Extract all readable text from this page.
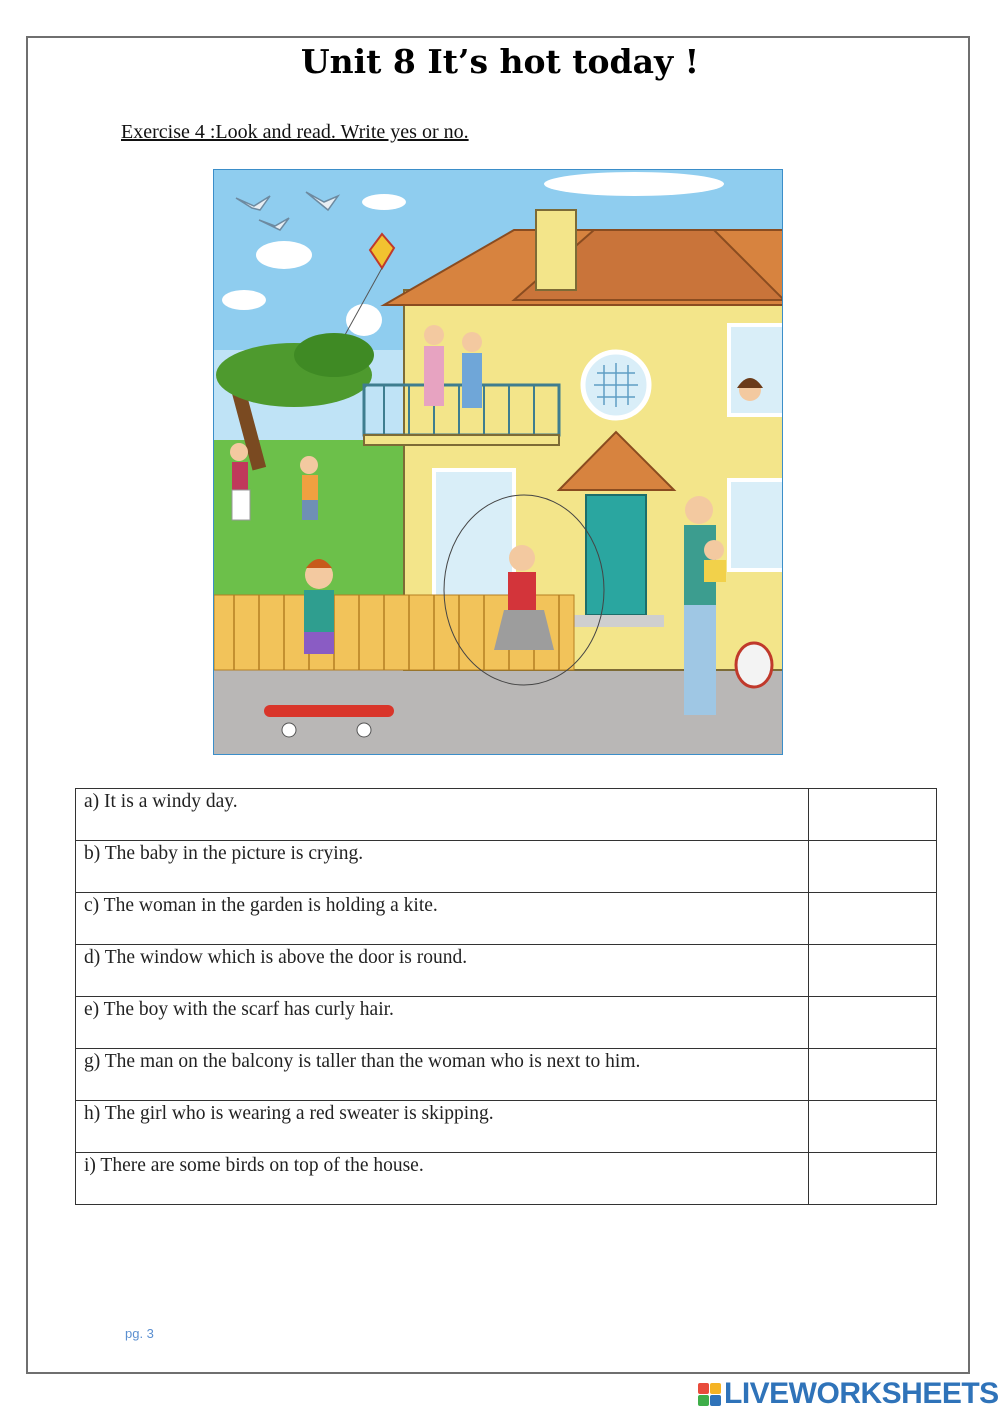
Unit 8 It’s hot today !
Exercise 4 :Look and read. Write yes or no.
a) It is a windy day.	
b) The baby in the picture is crying.	
c) The woman in the garden is holding a kite.	
d) The window which is above the door is round.	
e) The boy with the scarf has curly hair.	
g) The man on the balcony is taller than the woman who is next to him.	
h) The girl who is wearing a red sweater is skipping.	
i) There are some birds on top of the house.	
pg. 3
LIVEWORKSHEETS
